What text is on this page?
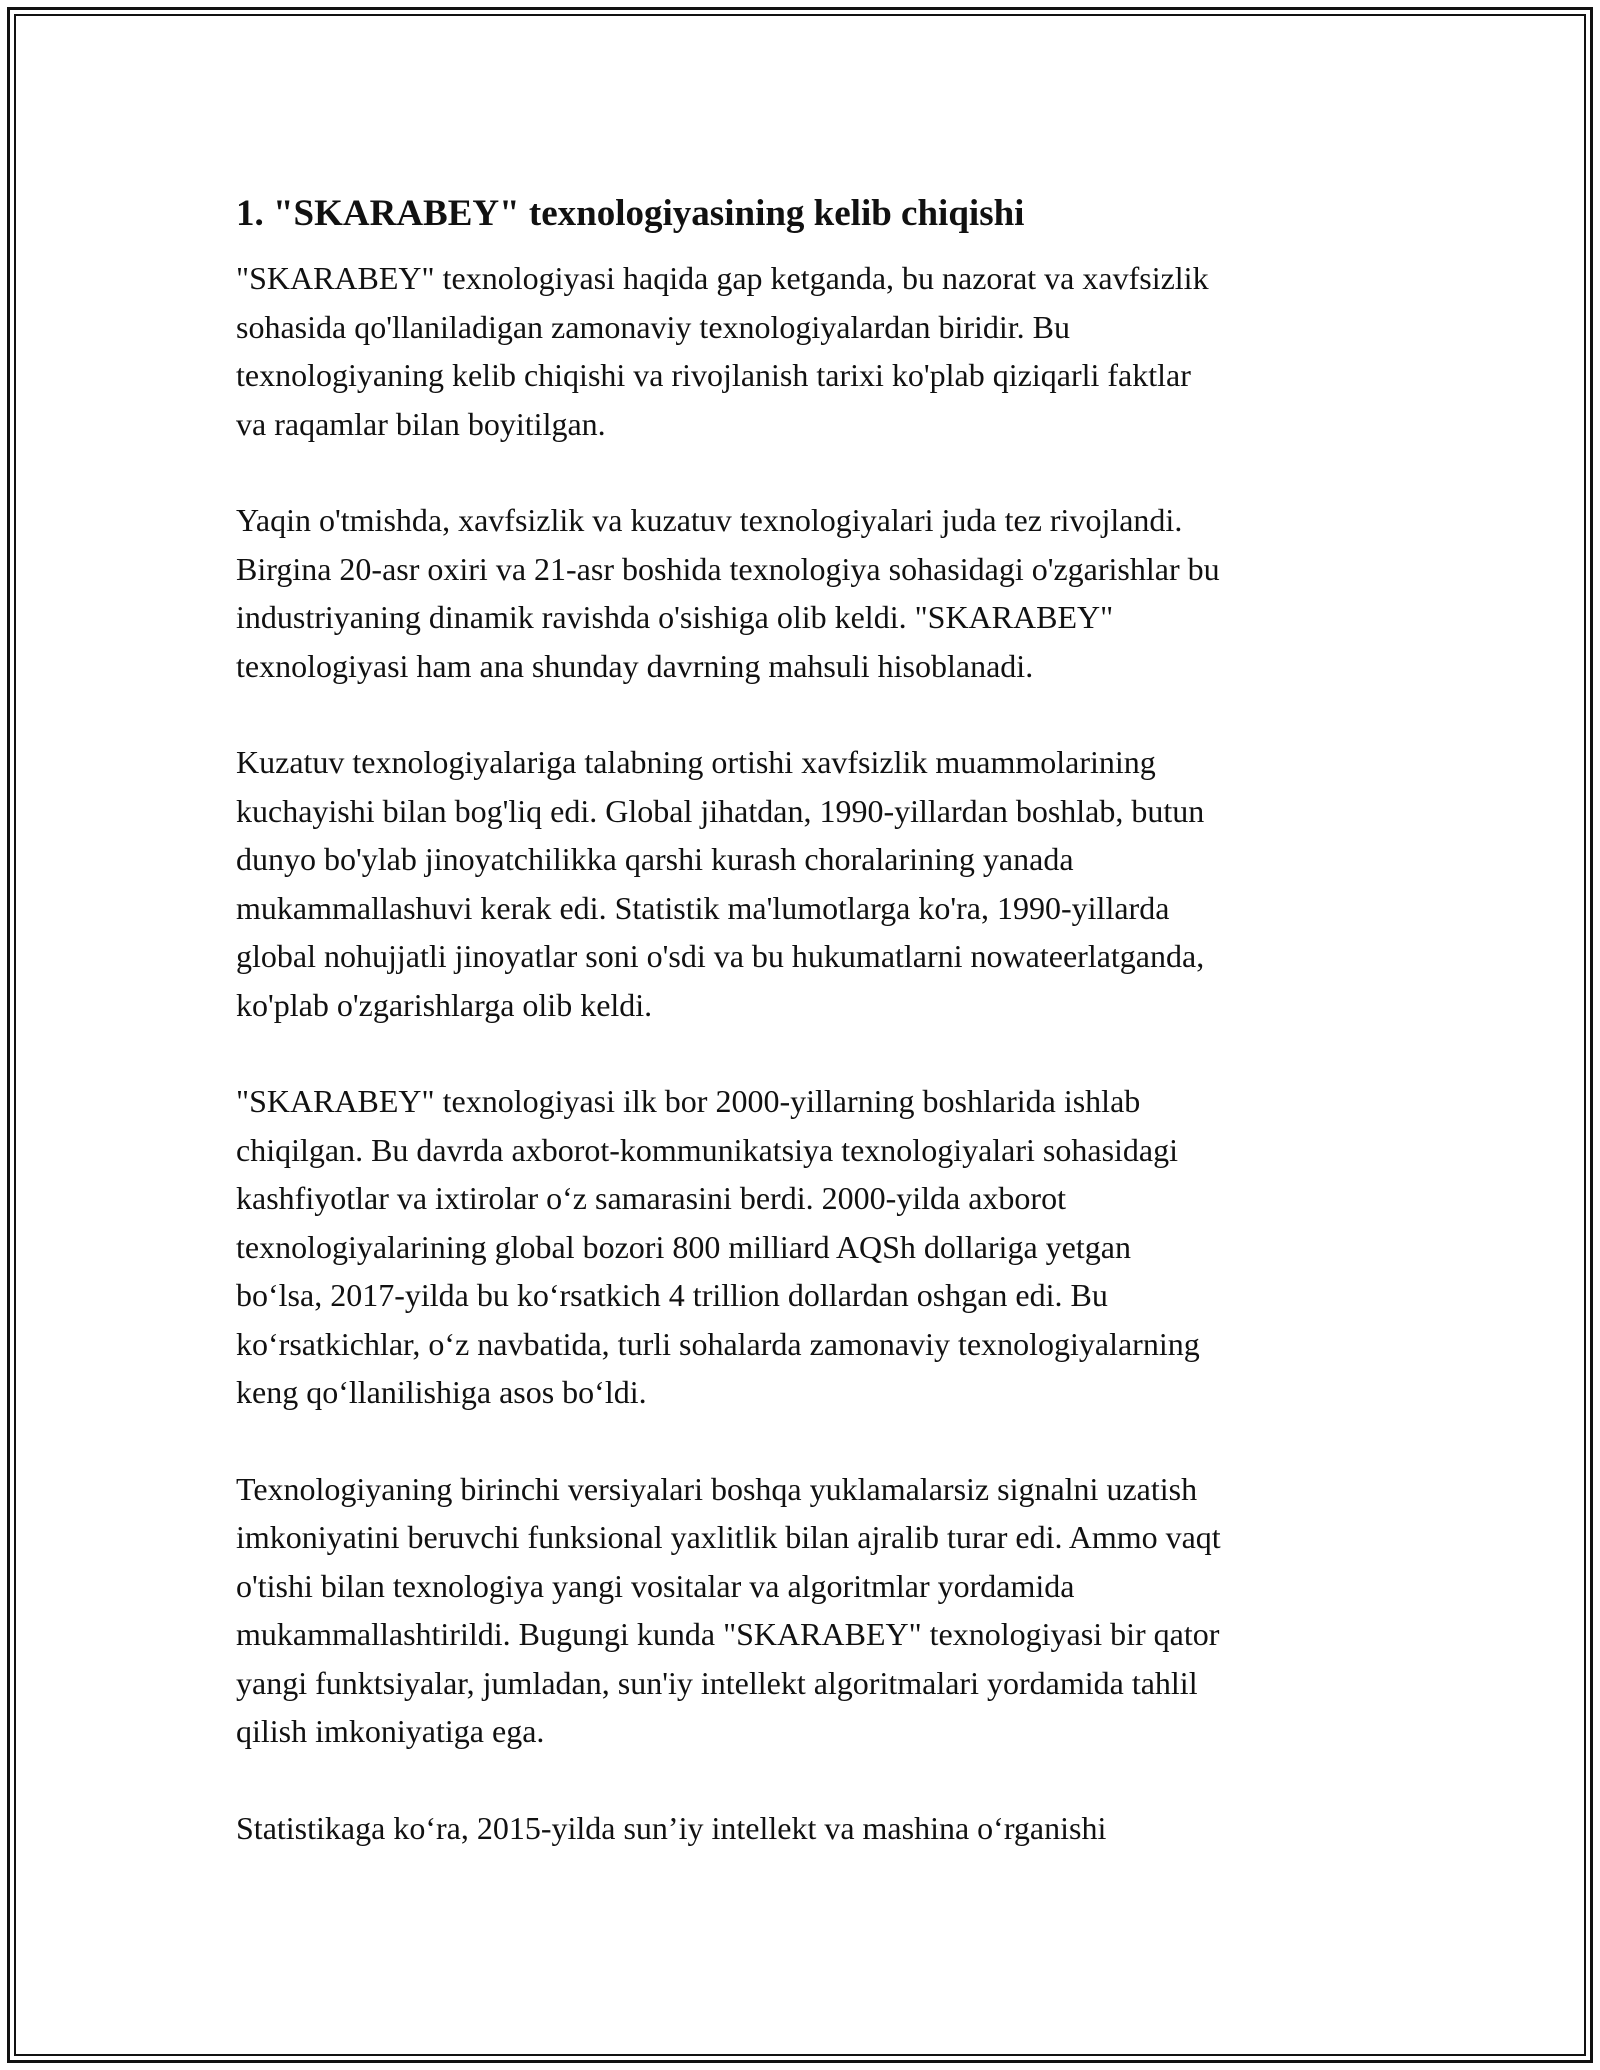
1. "SKARABEY" texnologiyasining kelib chiqishi

"SKARABEY" texnologiyasi haqida gap ketganda, bu nazorat va xavfsizlik
sohasida qo'llaniladigan zamonaviy texnologiyalardan biridir. Bu
texnologiyaning kelib chiqishi va rivojlanish tarixi ko'plab qiziqarli faktlar
va raqamlar bilan boyitilgan.

Yaqin o'tmishda, xavfsizlik va kuzatuv texnologiyalari juda tez rivojlandi.
Birgina 20-asr oxiri va 21-asr boshida texnologiya sohasidagi o'zgarishlar bu
industriyaning dinamik ravishda o'sishiga olib keldi. "SKARABEY"
texnologiyasi ham ana shunday davrning mahsuli hisoblanadi.

Kuzatuv texnologiyalariga talabning ortishi xavfsizlik muammolarining
kuchayishi bilan bog'liq edi. Global jihatdan, 1990-yillardan boshlab, butun
dunyo bo'ylab jinoyatchilikka qarshi kurash choralarining yanada
mukammallashuvi kerak edi. Statistik ma'lumotlarga ko'ra, 1990-yillarda
global nohujjatli jinoyatlar soni o'sdi va bu hukumatlarni nowateerlatganda,
ko'plab o'zgarishlarga olib keldi.

"SKARABEY" texnologiyasi ilk bor 2000-yillarning boshlarida ishlab
chiqilgan. Bu davrda axborot-kommunikatsiya texnologiyalari sohasidagi
kashfiyotlar va ixtirolar o‘z samarasini berdi. 2000-yilda axborot
texnologiyalarining global bozori 800 milliard AQSh dollariga yetgan
bo‘lsa, 2017-yilda bu ko‘rsatkich 4 trillion dollardan oshgan edi. Bu
ko‘rsatkichlar, o‘z navbatida, turli sohalarda zamonaviy texnologiyalarning
keng qo‘llanilishiga asos bo‘ldi.

Texnologiyaning birinchi versiyalari boshqa yuklamalarsiz signalni uzatish
imkoniyatini beruvchi funksional yaxlitlik bilan ajralib turar edi. Ammo vaqt
o'tishi bilan texnologiya yangi vositalar va algoritmlar yordamida
mukammallashtirildi. Bugungi kunda "SKARABEY" texnologiyasi bir qator
yangi funktsiyalar, jumladan, sun'iy intellekt algoritmalari yordamida tahlil
qilish imkoniyatiga ega.

Statistikaga ko‘ra, 2015-yilda sun’iy intellekt va mashina o‘rganishi
